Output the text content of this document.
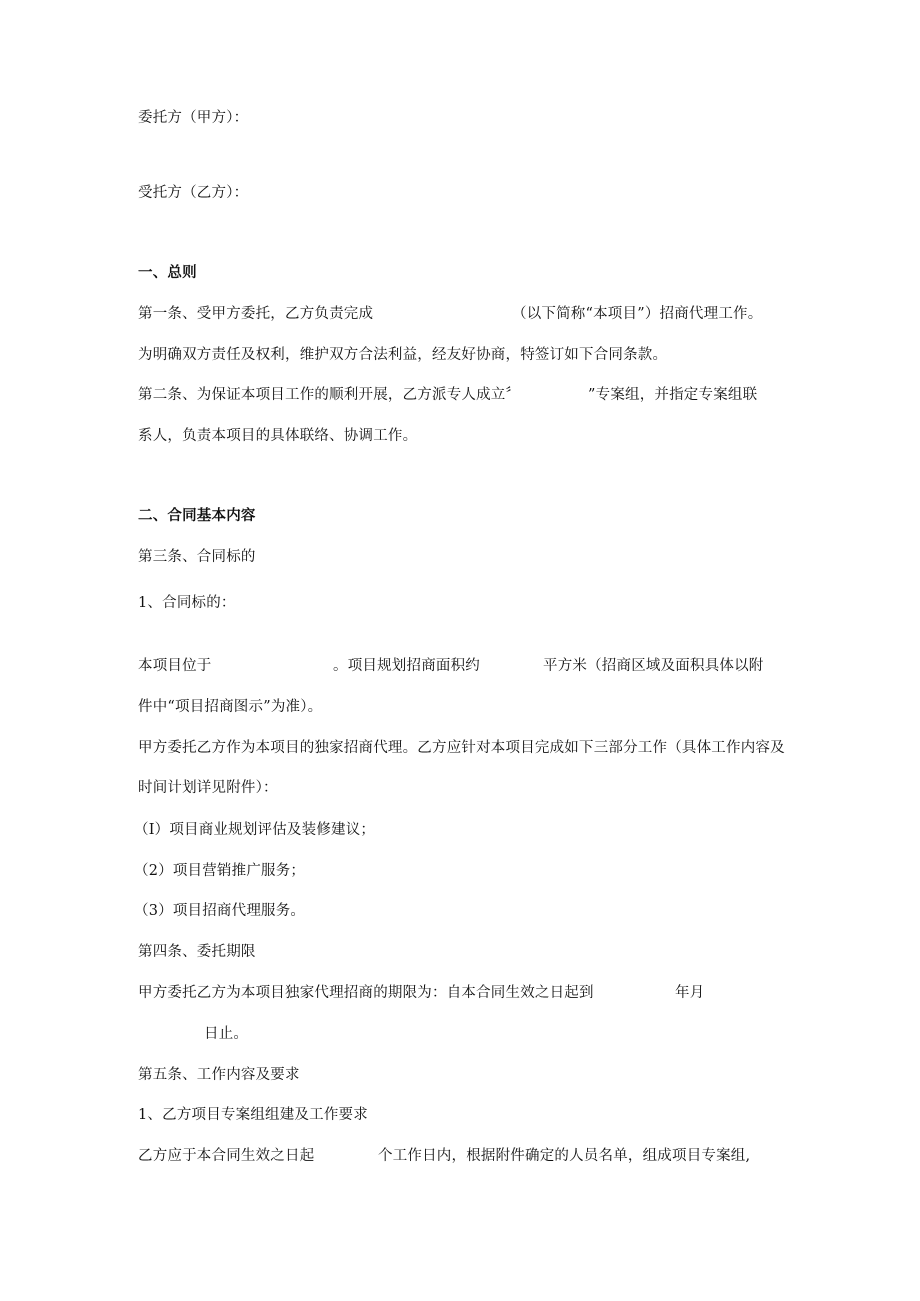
委托方（甲方）：
受托方（乙方）：
一、总则
第一条、受甲方委托，乙方负责完成	（以下简称“本项目”）招商代理工作。
为明确双方责任及权利，维护双方合法利益，经友好协商，特签订如下合同条款。
第二条、为保证本项目工作的顺利开展，乙方派专人成立〞	”专案组，并指定专案组联
系人，负责本项目的具体联络、协调工作。
二、合同基本内容
第三条、合同标的
1、合同标的：
本项目位于	。项目规划招商面积约	平方米（招商区域及面积具体以附
件中“项目招商图示”为准）。
甲方委托乙方作为本项目的独家招商代理。乙方应针对本项目完成如下三部分工作（具体工作内容及
时间计划详见附件）：
（I）项目商业规划评估及装修建议；
（2）项目营销推广服务；
（3）项目招商代理服务。
第四条、委托期限
甲方委托乙方为本项目独家代理招商的期限为：自本合同生效之日起到	年月
日止。
第五条、工作内容及要求
1、乙方项目专案组组建及工作要求
乙方应于本合同生效之日起	个工作日内，根据附件确定的人员名单，组成项目专案组,
